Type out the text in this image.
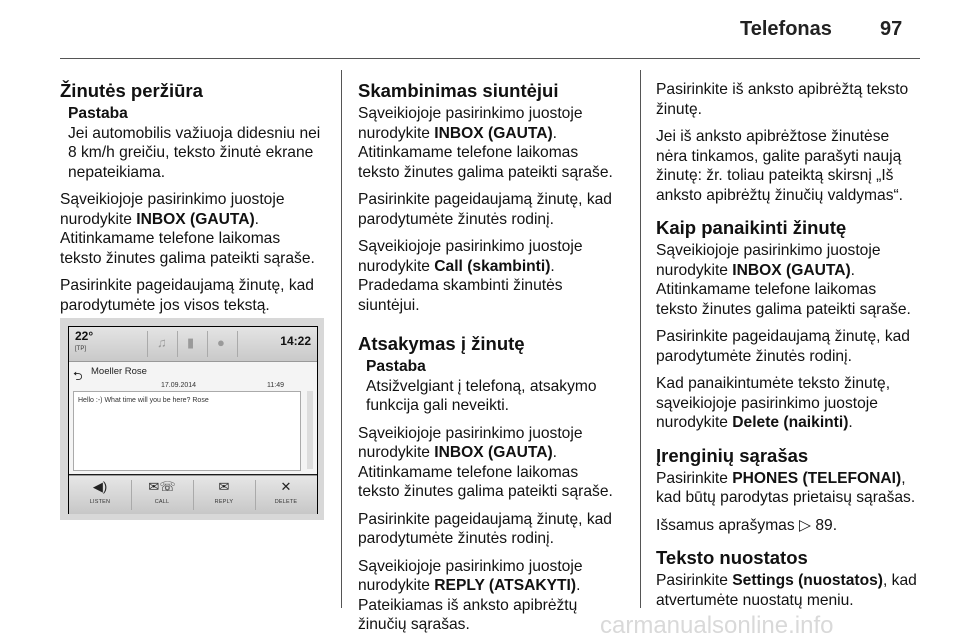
Telefonas 97
Žinutės peržiūra
Pastaba
Jei automobilis važiuoja didesniu nei
8 km/h greičiu, teksto žinutė ekrane
nepateikiama.

Sąveikiojoje pasirinkimo juostoje
nurodykite INBOX (GAUTA).
Atitinkamame telefone laikomas
teksto žinutes galima pateikti sąraše.

Pasirinkite pageidaujamą žinutę, kad
parodytumėte jos visos tekstą.

22°
[TP]	♫ ▮ ●	14:22
⮌ Moeller Rose
17.09.2014	11:49
Hello :-) What time will you be here? Rose
◀)
LISTEN
✉☏
CALL
✉
REPLY
✕
DELETE
Skambinimas siuntėjui

Sąveikiojoje pasirinkimo juostoje
nurodykite INBOX (GAUTA).
Atitinkamame telefone laikomas
teksto žinutes galima pateikti sąraše.

Pasirinkite pageidaujamą žinutę, kad
parodytumėte žinutės rodinį.

Sąveikiojoje pasirinkimo juostoje
nurodykite Call (skambinti).
Pradedama skambinti žinutės
siuntėjui.

Atsakymas į žinutę
Pastaba
Atsižvelgiant į telefoną, atsakymo
funkcija gali neveikti.

Sąveikiojoje pasirinkimo juostoje
nurodykite INBOX (GAUTA).
Atitinkamame telefone laikomas
teksto žinutes galima pateikti sąraše.

Pasirinkite pageidaujamą žinutę, kad
parodytumėte žinutės rodinį.

Sąveikiojoje pasirinkimo juostoje
nurodykite REPLY (ATSAKYTI).
Pateikiamas iš anksto apibrėžtų
žinučių sąrašas.

Pasirinkite iš anksto apibrėžtą teksto
žinutę.

Jei iš anksto apibrėžtose žinutėse
nėra tinkamos, galite parašyti naują
žinutę: žr. toliau pateiktą skirsnį „Iš
anksto apibrėžtų žinučių valdymas“.

Kaip panaikinti žinutę

Sąveikiojoje pasirinkimo juostoje
nurodykite INBOX (GAUTA).
Atitinkamame telefone laikomas
teksto žinutes galima pateikti sąraše.

Pasirinkite pageidaujamą žinutę, kad
parodytumėte žinutės rodinį.

Kad panaikintumėte teksto žinutę,
sąveikiojoje pasirinkimo juostoje
nurodykite Delete (naikinti).

Įrenginių sąrašas

Pasirinkite PHONES (TELEFONAI),
kad būtų parodytas prietaisų sąrašas.

Išsamus aprašymas ▷ 89.

Teksto nuostatos

Pasirinkite Settings (nuostatos), kad
atvertumėte nuostatų meniu.

carmanualsonline.info
